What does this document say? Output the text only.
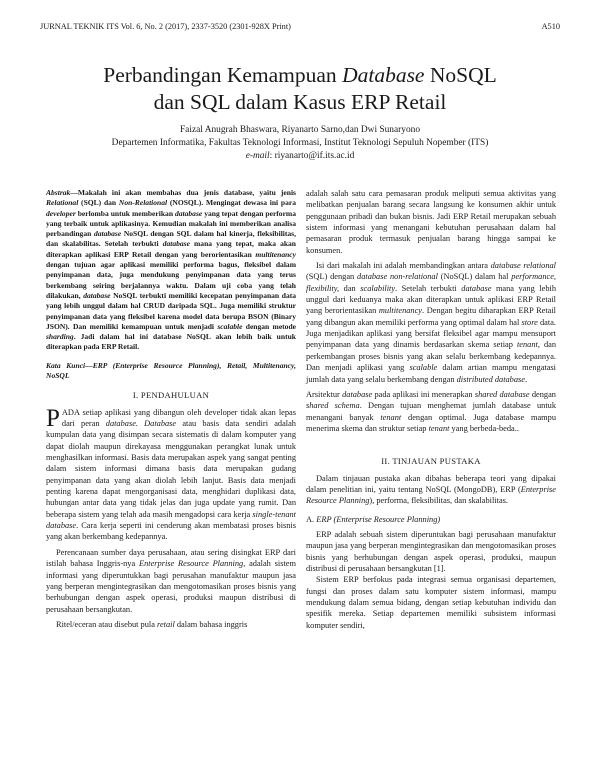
JURNAL TEKNIK ITS Vol. 6, No. 2 (2017), 2337-3520 (2301-928X Print)	A510
Perbandingan Kemampuan Database NoSQL
dan SQL dalam Kasus ERP Retail
Faizal Anugrah Bhaswara, Riyanarto Sarno,dan Dwi Sunaryono
Departemen Informatika, Fakultas Teknologi Informasi, Institut Teknologi Sepuluh Nopember (ITS)
e-mail: riyanarto@if.its.ac.id

Abstrak—Makalah ini akan membahas dua jenis database, yaitu jenis Relational (SQL) dan Non-Relational (NOSQL). Mengingat dewasa ini para developer berlomba untuk memberikan database yang tepat dengan performa yang terbaik untuk aplikasinya. Kemudian makalah ini memberikan analisa perbandingan database NoSQL dengan SQL dalam hal kinerja, fleksibilitas, dan skalabilitas. Setelah terbukti database mana yang tepat, maka akan diterapkan aplikasi ERP Retail dengan yang berorientasikan multitenancy dengan tujuan agar aplikasi memiliki performa bagus, fleksibel dalam penyimpanan data, juga mendukung penyimpanan data yang terus berkembang seiring berjalannya waktu. Dalam uji coba yang telah dilakukan, database NoSQL terbukti memiliki kecepatan penyimpanan data yang lebih unggul dalam hal CRUD daripada SQL. Juga memiliki struktur penyimpanan data yang fleksibel karena model data berupa BSON (Binary JSON). Dan memiliki kemampuan untuk menjadi scalable dengan metode sharding. Jadi dalam hal ini database NoSQL akan lebih baik untuk diterapkan pada ERP Retail.

Kata Kunci—ERP (Enterprise Resource Planning), Retail, Multitenancy, NoSQL

I. PENDAHULUAN

PADA setiap aplikasi yang dibangun oleh developer tidak akan lepas dari peran database. Database atau basis data sendiri adalah kumpulan data yang disimpan secara sistematis di dalam komputer yang dapat diolah maupun direkayasa menggunakan perangkat lunak untuk menghasilkan informasi. Basis data merupakan aspek yang sangat penting dalam sistem informasi dimana basis data merupakan gudang penyimpanan data yang akan diolah lebih lanjut. Basis data menjadi penting karena dapat mengorganisasi data, menghidari duplikasi data, hubungan antar data yang tidak jelas dan juga update yang rumit. Dan beberapa sistem yang telah ada masih mengadopsi cara kerja single-tenant database. Cara kerja seperti ini cenderung akan membatasi proses bisnis yang akan berkembang kedepannya.

Perencanaan sumber daya perusahaan, atau sering disingkat ERP dari istilah bahasa Inggris-nya Enterprise Resource Planning, adalah sistem informasi yang diperuntukkan bagi perusahan manufaktur maupun jasa yang berperan mengintegrasikan dan mengotomasikan proses bisnis yang berhubungan dengan aspek operasi, produksi maupun distribusi di perusahaan bersangkutan.

Ritel/eceran atau disebut pula retail dalam bahasa inggris

adalah salah satu cara pemasaran produk meliputi semua aktivitas yang melibatkan penjualan barang secara langsung ke konsumen akhir untuk penggunaan pribadi dan bukan bisnis. Jadi ERP Retail merupakan sebuah sistem informasi yang menangani kebutuhan perusahaan dalam hal pemasaran produk termasuk penjualan barang hingga sampai ke konsumen.

Isi dari makalah ini adalah membandingkan antara database relational (SQL) dengan database non-relational (NoSQL) dalam hal performance, flexibility, dan scalability. Setelah terbukti database mana yang lebih unggul dari keduanya maka akan diterapkan untuk aplikasi ERP Retail yang berorientasikan multitenancy. Dengan begitu diharapkan ERP Retail yang dibangun akan memiliki performa yang optimal dalam hal store data. Juga menjadikan aplikasi yang bersifat fleksibel agar mampu mensuport penyimpanan data yang dinamis berdasarkan skema setiap tenant, dan perkembangan proses bisnis yang akan selalu berkembang kedepannya. Dan menjadi aplikasi yang scalable dalam artian mampu mengatasi jumlah data yang selalu berkembang dengan distributed database.

Arsitektur database pada aplikasi ini menerapkan shared database dengan shared schema. Dengan tujuan menghemat jumlah database untuk menangani banyak tenant dengan optimal. Juga database mampu menerima skema dan struktur setiap tenant yang berbeda-beda..

II. TINJAUAN PUSTAKA

Dalam tinjauan pustaka akan dibahas beberapa teori yang dipakai dalam penelitian ini, yaitu tentang NoSQL (MongoDB), ERP (Enterprise Resource Planning), performa, fleksibilitas, dan skalabilitas.

A. ERP (Enterprise Resource Planning)

ERP adalah sebuah sistem diperuntukan bagi perusahaan manufaktur maupun jasa yang berperan mengintegrasikan dan mengotomasikan proses bisnis yang berhubungan dengan aspek operasi, produksi, maupun distribusi di perusahaan bersangkutan [1].

Sistem ERP berfokus pada integrasi semua organisasi departemen, fungsi dan proses dalam satu komputer sistem informasi, mampu mendukung dalam semua bidang, dengan setiap kebutuhan individu dan spesifik mereka. Setiap departemen memiliki subsistem informasi komputer sendiri,
